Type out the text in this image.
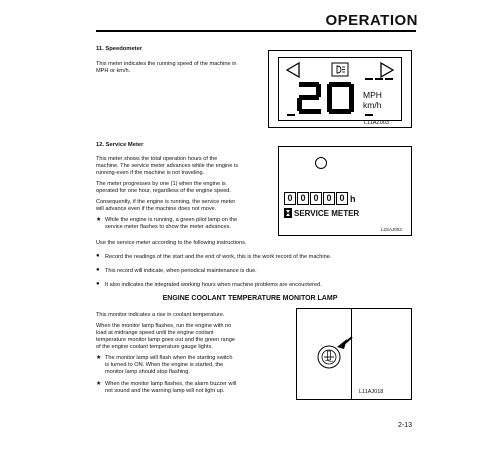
OPERATION
11. Speedometer
This meter indicates the running speed of the machine in
MPH or km/h.
MPH
km/h
L11AZ003
12. Service Meter
This meter shows the total operation hours of the
machine. The service meter advances while the engine is
running-even if the machine is not traveling.
The meter progresses by one (1) when the engine is
operated for one hour, regardless of the engine speed.
Consequently, if the engine is running, the service meter
will advance even if the machine does not move.
★ While the engine is running, a green pilot lamp on the
service meter flashes to show the meter advances.
0 0 0 0 0 h
SERVICE METER
L2SAJ003
Use the service meter according to the following instructions.
● Record the readings of the start and the end of work, this is the work record of the machine.
● This record will indicate, when periodical maintenance is due.
● It also indicates the integrated working hours when machine problems are encountered.
ENGINE COOLANT TEMPERATURE MONITOR LAMP
This monitor indicates a rise in coolant temperature.
When the monitor lamp flashes, run the engine with no
load at midrange speed until the engine coolant
temperature monitor lamp goes out and the green range
of the engine coolant temperature gauge lights.
★ The monitor lamp will flash when the starting switch
is turned to ON. When the engine is started, the
monitor lamp should stop flashing.
★ When the monitor lamp flashes, the alarm buzzer will
not sound and the warning lamp will not light up.	L11AJ018
2-13
